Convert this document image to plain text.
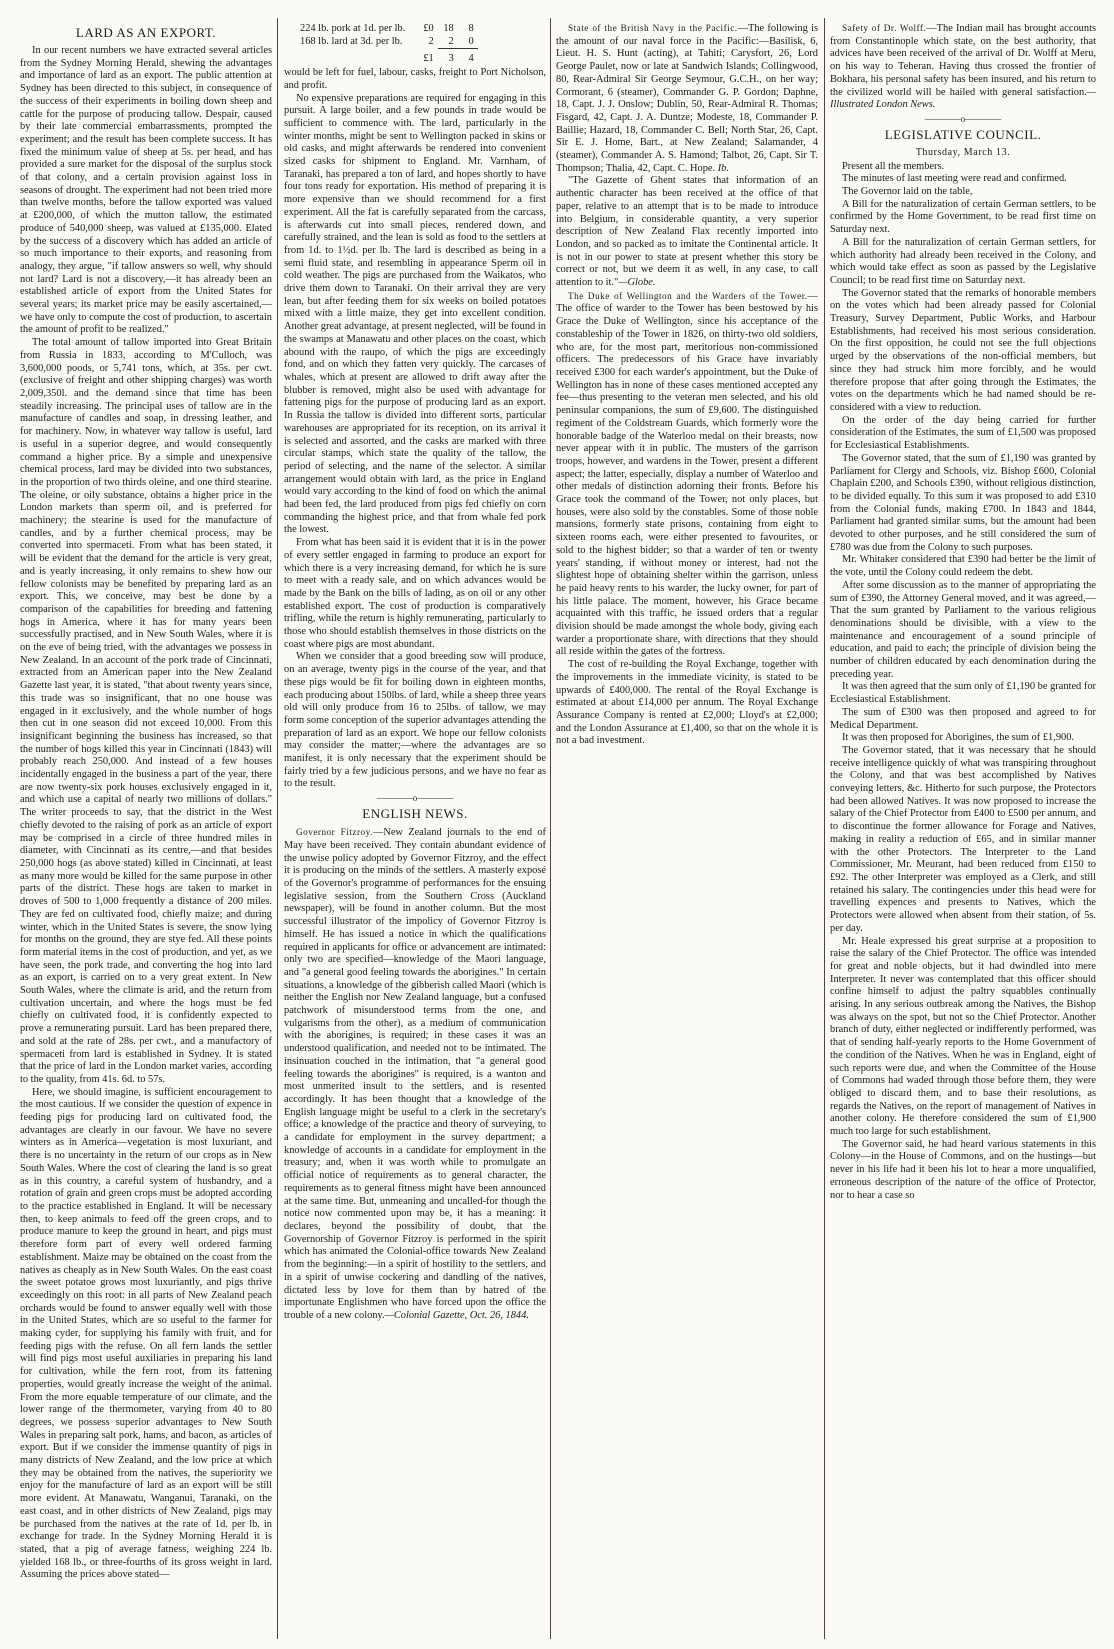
LARD AS AN EXPORT.

In our recent numbers we have extracted several articles from the Sydney Morning Herald, shewing the advantages and importance of lard as an export. The public attention at Sydney has been directed to this subject, in consequence of the success of their experiments in boiling down sheep and cattle for the purpose of producing tallow. Despair, caused by their late commercial embarrassments, prompted the experiment; and the result has been complete success. It has fixed the minimum value of sheep at 5s. per head, and has provided a sure market for the disposal of the surplus stock of that colony, and a certain provision against loss in seasons of drought. The experiment had not been tried more than twelve months, before the tallow exported was valued at £200,000, of which the mutton tallow, the estimated produce of 540,000 sheep, was valued at £135,000. Elated by the success of a discovery which has added an article of so much importance to their exports, and reasoning from analogy, they argue, "if tallow answers so well, why should not lard? Lard is not a discovery,—it has already been an established article of export from the United States for several years; its market price may be easily ascertained,—we have only to compute the cost of production, to ascertain the amount of profit to be realized."

The total amount of tallow imported into Great Britain from Russia in 1833, according to M'Culloch, was 3,600,000 poods, or 5,741 tons, which, at 35s. per cwt. (exclusive of freight and other shipping charges) was worth 2,009,350l. and the demand since that time has been steadily increasing. The principal uses of tallow are in the manufacture of candles and soap, in dressing leather, and for machinery. Now, in whatever way tallow is useful, lard is useful in a superior degree, and would consequently command a higher price. By a simple and unexpensive chemical process, lard may be divided into two substances, in the proportion of two thirds oleine, and one third stearine. The oleine, or oily substance, obtains a higher price in the London markets than sperm oil, and is preferred for machinery; the stearine is used for the manufacture of candles, and by a further chemical process, may be converted into spermaceti. From what has been stated, it will be evident that the demand for the article is very great, and is yearly increasing, it only remains to shew how our fellow colonists may be benefited by preparing lard as an export. This, we conceive, may best be done by a comparison of the capabilities for breeding and fattening hogs in America, where it has for many years been successfully practised, and in New South Wales, where it is on the eve of being tried, with the advantages we possess in New Zealand. In an account of the pork trade of Cincinnati, extracted from an American paper into the New Zealand Gazette last year, it is stated, "that about twenty years since, this trade was so insignificant, that no one house was engaged in it exclusively, and the whole number of hogs then cut in one season did not exceed 10,000. From this insignificant beginning the business has increased, so that the number of hogs killed this year in Cincinnati (1843) will probably reach 250,000. And instead of a few houses incidentally engaged in the business a part of the year, there are now twenty-six pork houses exclusively engaged in it, and which use a capital of nearly two millions of dollars." The writer proceeds to say, that the district in the West chiefly devoted to the raising of pork as an article of export may be comprised in a circle of three hundred miles in diameter, with Cincinnati as its centre,—and that besides 250,000 hogs (as above stated) killed in Cincinnati, at least as many more would be killed for the same purpose in other parts of the district. These hogs are taken to market in droves of 500 to 1,000 frequently a distance of 200 miles. They are fed on cultivated food, chiefly maize; and during winter, which in the United States is severe, the snow lying for months on the ground, they are stye fed. All these points form material items in the cost of production, and yet, as we have seen, the pork trade, and converting the hog into lard as an export, is carried on to a very great extent. In New South Wales, where the climate is arid, and the return from cultivation uncertain, and where the hogs must be fed chiefly on cultivated food, it is confidently expected to prove a remunerating pursuit. Lard has been prepared there, and sold at the rate of 28s. per cwt., and a manufactory of spermaceti from lard is established in Sydney. It is stated that the price of lard in the London market varies, according to the quality, from 41s. 6d. to 57s.

Here, we should imagine, is sufficient encouragement to the most cautious. If we consider the question of expence in feeding pigs for producing lard on cultivated food, the advantages are clearly in our favour. We have no severe winters as in America—vegetation is most luxuriant, and there is no uncertainty in the return of our crops as in New South Wales. Where the cost of clearing the land is so great as in this country, a careful system of husbandry, and a rotation of grain and green crops must be adopted according to the practice established in England. It will be necessary then, to keep animals to feed off the green crops, and to produce manure to keep the ground in heart, and pigs must therefore form part of every well ordered farming establishment. Maize may be obtained on the coast from the natives as cheaply as in New South Wales. On the east coast the sweet potatoe grows most luxuriantly, and pigs thrive exceedingly on this root: in all parts of New Zealand peach orchards would be found to answer equally well with those in the United States, which are so useful to the farmer for making cyder, for supplying his family with fruit, and for feeding pigs with the refuse. On all fern lands the settler will find pigs most useful auxiliaries in preparing his land for cultivation, while the fern root, from its fattening properties, would greatly increase the weight of the animal. From the more equable temperature of our climate, and the lower range of the thermometer, varying from 40 to 80 degrees, we possess superior advantages to New South Wales in preparing salt pork, hams, and bacon, as articles of export. But if we consider the immense quantity of pigs in many districts of New Zealand, and the low price at which they may be obtained from the natives, the superiority we enjoy for the manufacture of lard as an export will be still more evident. At Manawatu, Wanganui, Taranaki, on the east coast, and in other districts of New Zealand, pigs may be purchased from the natives at the rate of 1d. per lb. in exchange for trade. In the Sydney Morning Herald it is stated, that a pig of average fatness, weighing 224 lb. yielded 168 lb., or three-fourths of its gross weight in lard. Assuming the prices above stated—

224 lb. pork at 1d. per lb.	£0	18	8
168 lb. lard at 3d. per lb.	2	2	0
	£1	3	4

would be left for fuel, labour, casks, freight to Port Nicholson, and profit.

No expensive preparations are required for engaging in this pursuit. A large boiler, and a few pounds in trade would be sufficient to commence with. The lard, particularly in the winter months, might be sent to Wellington packed in skins or old casks, and might afterwards be rendered into convenient sized casks for shipment to England. Mr. Varnham, of Taranaki, has prepared a ton of lard, and hopes shortly to have four tons ready for exportation. His method of preparing it is more expensive than we should recommend for a first experiment. All the fat is carefully separated from the carcass, is afterwards cut into small pieces, rendered down, and carefully strained, and the lean is sold as food to the settlers at from 1d. to 1½d. per lb. The lard is described as being in a semi fluid state, and resembling in appearance Sperm oil in cold weather. The pigs are purchased from the Waikatos, who drive them down to Taranaki. On their arrival they are very lean, but after feeding them for six weeks on boiled potatoes mixed with a little maize, they get into excellent condition. Another great advantage, at present neglected, will be found in the swamps at Manawatu and other places on the coast, which abound with the raupo, of which the pigs are exceedingly fond, and on which they fatten very quickly. The carcases of whales, which at present are allowed to drift away after the blubber is removed, might also be used with advantage for fattening pigs for the purpose of producing lard as an export. In Russia the tallow is divided into different sorts, particular warehouses are appropriated for its reception, on its arrival it is selected and assorted, and the casks are marked with three circular stamps, which state the quality of the tallow, the period of selecting, and the name of the selector. A similar arrangement would obtain with lard, as the price in England would vary according to the kind of food on which the animal had been fed, the lard produced from pigs fed chiefly on corn commanding the highest price, and that from whale fed pork the lowest.

From what has been said it is evident that it is in the power of every settler engaged in farming to produce an export for which there is a very increasing demand, for which he is sure to meet with a ready sale, and on which advances would be made by the Bank on the bills of lading, as on oil or any other established export. The cost of production is comparatively trifling, while the return is highly remunerating, particularly to those who should establish themselves in those districts on the coast where pigs are most abundant.

When we consider that a good breeding sow will produce, on an average, twenty pigs in the course of the year, and that these pigs would be fit for boiling down in eighteen months, each producing about 150lbs. of lard, while a sheep three years old will only produce from 16 to 25lbs. of tallow, we may form some conception of the superior advantages attending the preparation of lard as an export. We hope our fellow colonists may consider the matter;—where the advantages are so manifest, it is only necessary that the experiment should be fairly tried by a few judicious persons, and we have no fear as to the result.

————o————
ENGLISH NEWS.

Governor Fitzroy.—New Zealand journals to the end of May have been received. They contain abundant evidence of the unwise policy adopted by Governor Fitzroy, and the effect it is producing on the minds of the settlers. A masterly exposé of the Governor's programme of performances for the ensuing legislative session, from the Southern Cross (Auckland newspaper), will be found in another column. But the most successful illustrator of the impolicy of Governor Fitzroy is himself. He has issued a notice in which the qualifications required in applicants for office or advancement are intimated: only two are specified—knowledge of the Maori language, and "a general good feeling towards the aborigines." In certain situations, a knowledge of the gibberish called Maori (which is neither the English nor New Zealand language, but a confused patchwork of misunderstood terms from the one, and vulgarisms from the other), as a medium of communication with the aborigines, is required; in these cases it was an understood qualification, and needed not to be intimated. The insinuation couched in the intimation, that "a general good feeling towards the aborigines" is required, is a wanton and most unmerited insult to the settlers, and is resented accordingly. It has been thought that a knowledge of the English language might be useful to a clerk in the secretary's office; a knowledge of the practice and theory of surveying, to a candidate for employment in the survey department; a knowledge of accounts in a candidate for employment in the treasury; and, when it was worth while to promulgate an official notice of requirements as to general character, the requirements as to general fitness might have been announced at the same time. But, unmeaning and uncalled-for though the notice now commented upon may be, it has a meaning: it declares, beyond the possibility of doubt, that the Governorship of Governor Fitzroy is performed in the spirit which has animated the Colonial-office towards New Zealand from the beginning:—in a spirit of hostility to the settlers, and in a spirit of unwise cockering and dandling of the natives, dictated less by love for them than by hatred of the importunate Englishmen who have forced upon the office the trouble of a new colony.—Colonial Gazette, Oct. 26, 1844.

State of the British Navy in the Pacific.—The following is the amount of our naval force in the Pacific:—Basilisk, 6, Lieut. H. S. Hunt (acting), at Tahiti; Carysfort, 26, Lord George Paulet, now or late at Sandwich Islands; Collingwood, 80, Rear-Admiral Sir George Seymour, G.C.H., on her way; Cormorant, 6 (steamer), Commander G. P. Gordon; Daphne, 18, Capt. J. J. Onslow; Dublin, 50, Rear-Admiral R. Thomas; Fisgard, 42, Capt. J. A. Duntze; Modeste, 18, Commander P. Baillie; Hazard, 18, Commander C. Bell; North Star, 26, Capt. Sir E. J. Home, Bart., at New Zealand; Salamander, 4 (steamer), Commander A. S. Hamond; Talbot, 26, Capt. Sir T. Thompson; Thalia, 42, Capt. C. Hope. Ib.

"The Gazette of Ghent states that information of an authentic character has been received at the office of that paper, relative to an attempt that is to be made to introduce into Belgium, in considerable quantity, a very superior description of New Zealand Flax recently imported into London, and so packed as to imitate the Continental article. It is not in our power to state at present whether this story be correct or not, but we deem it as well, in any case, to call attention to it."—Globe.

The Duke of Wellington and the Warders of the Tower.—The office of warder to the Tower has been bestowed by his Grace the Duke of Wellington, since his acceptance of the constableship of the Tower in 1826, on thirty-two old soldiers, who are, for the most part, meritorious non-commissioned officers. The predecessors of his Grace have invariably received £300 for each warder's appointment, but the Duke of Wellington has in none of these cases mentioned accepted any fee—thus presenting to the veteran men selected, and his old peninsular companions, the sum of £9,600. The distinguished regiment of the Coldstream Guards, which formerly wore the honorable badge of the Waterloo medal on their breasts, now never appear with it in public. The musters of the garrison troops, however, and wardens in the Tower, present a different aspect; the latter, especially, display a number of Waterloo and other medals of distinction adorning their fronts. Before his Grace took the command of the Tower, not only places, but houses, were also sold by the constables. Some of those noble mansions, formerly state prisons, containing from eight to sixteen rooms each, were either presented to favourites, or sold to the highest bidder; so that a warder of ten or twenty years' standing, if without money or interest, had not the slightest hope of obtaining shelter within the garrison, unless he paid heavy rents to his warder, the lucky owner, for part of his little palace. The moment, however, his Grace became acquainted with this traffic, he issued orders that a regular division should be made amongst the whole body, giving each warder a proportionate share, with directions that they should all reside within the gates of the fortress.

The cost of re-building the Royal Exchange, together with the improvements in the immediate vicinity, is stated to be upwards of £400,000. The rental of the Royal Exchange is estimated at about £14,000 per annum. The Royal Exchange Assurance Company is rented at £2,000; Lloyd's at £2,000; and the London Assurance at £1,400, so that on the whole it is not a bad investment.

Safety of Dr. Wolff.—The Indian mail has brought accounts from Constantinople which state, on the best authority, that advices have been received of the arrival of Dr. Wolff at Meru, on his way to Teheran. Having thus crossed the frontier of Bokhara, his personal safety has been insured, and his return to the civilized world will be hailed with general satisfaction.—Illustrated London News.

————o————
LEGISLATIVE COUNCIL.
Thursday, March 13.

Present all the members.

The minutes of last meeting were read and confirmed.

The Governor laid on the table,

A Bill for the naturalization of certain German settlers, to be confirmed by the Home Government, to be read first time on Saturday next.

A Bill for the naturalization of certain German settlers, for which authority had already been received in the Colony, and which would take effect as soon as passed by the Legislative Council; to be read first time on Saturday next.

The Governor stated that the remarks of honorable members on the votes which had been already passed for Colonial Treasury, Survey Department, Public Works, and Harbour Establishments, had received his most serious consideration. On the first opposition, he could not see the full objections urged by the observations of the non-official members, but since they had struck him more forcibly, and he would therefore propose that after going through the Estimates, the votes on the departments which he had named should be re-considered with a view to reduction.

On the order of the day being carried for further consideration of the Estimates, the sum of £1,500 was proposed for Ecclesiastical Establishments.

The Governor stated, that the sum of £1,190 was granted by Parliament for Clergy and Schools, viz. Bishop £600, Colonial Chaplain £200, and Schools £390, without religious distinction, to be divided equally. To this sum it was proposed to add £310 from the Colonial funds, making £700. In 1843 and 1844, Parliament had granted similar sums, but the amount had been devoted to other purposes, and he still considered the sum of £780 was due from the Colony to such purposes.

Mr. Whitaker considered that £390 had better be the limit of the vote, until the Colony could redeem the debt.

After some discussion as to the manner of appropriating the sum of £390, the Attorney General moved, and it was agreed,—That the sum granted by Parliament to the various religious denominations should be divisible, with a view to the maintenance and encouragement of a sound principle of education, and paid to each; the principle of division being the number of children educated by each denomination during the preceding year.

It was then agreed that the sum only of £1,190 be granted for Ecclesiastical Establishment.

The sum of £300 was then proposed and agreed to for Medical Department.

It was then proposed for Aborigines, the sum of £1,900.

The Governor stated, that it was necessary that he should receive intelligence quickly of what was transpiring throughout the Colony, and that was best accomplished by Natives conveying letters, &c. Hitherto for such purpose, the Protectors had been allowed Natives. It was now proposed to increase the salary of the Chief Protector from £400 to £500 per annum, and to discontinue the former allowance for Forage and Natives, making in reality a reduction of £65, and in similar manner with the other Protectors. The Interpreter to the Land Commissioner, Mr. Meurant, had been reduced from £150 to £92. The other Interpreter was employed as a Clerk, and still retained his salary. The contingencies under this head were for travelling expences and presents to Natives, which the Protectors were allowed when absent from their station, of 5s. per day.

Mr. Heale expressed his great surprise at a proposition to raise the salary of the Chief Protector. The office was intended for great and noble objects, but it had dwindled into mere Interpreter. It never was contemplated that this officer should confine himself to adjust the paltry squabbles continually arising. In any serious outbreak among the Natives, the Bishop was always on the spot, but not so the Chief Protector. Another branch of duty, either neglected or indifferently performed, was that of sending half-yearly reports to the Home Government of the condition of the Natives. When he was in England, eight of such reports were due, and when the Committee of the House of Commons had waded through those before them, they were obliged to discard them, and to base their resolutions, as regards the Natives, on the report of management of Natives in another colony. He therefore considered the sum of £1,900 much too large for such establishment.

The Governor said, he had heard various statements in this Colony—in the House of Commons, and on the hustings—but never in his life had it been his lot to hear a more unqualified, erroneous description of the nature of the office of Protector, nor to hear a case so
